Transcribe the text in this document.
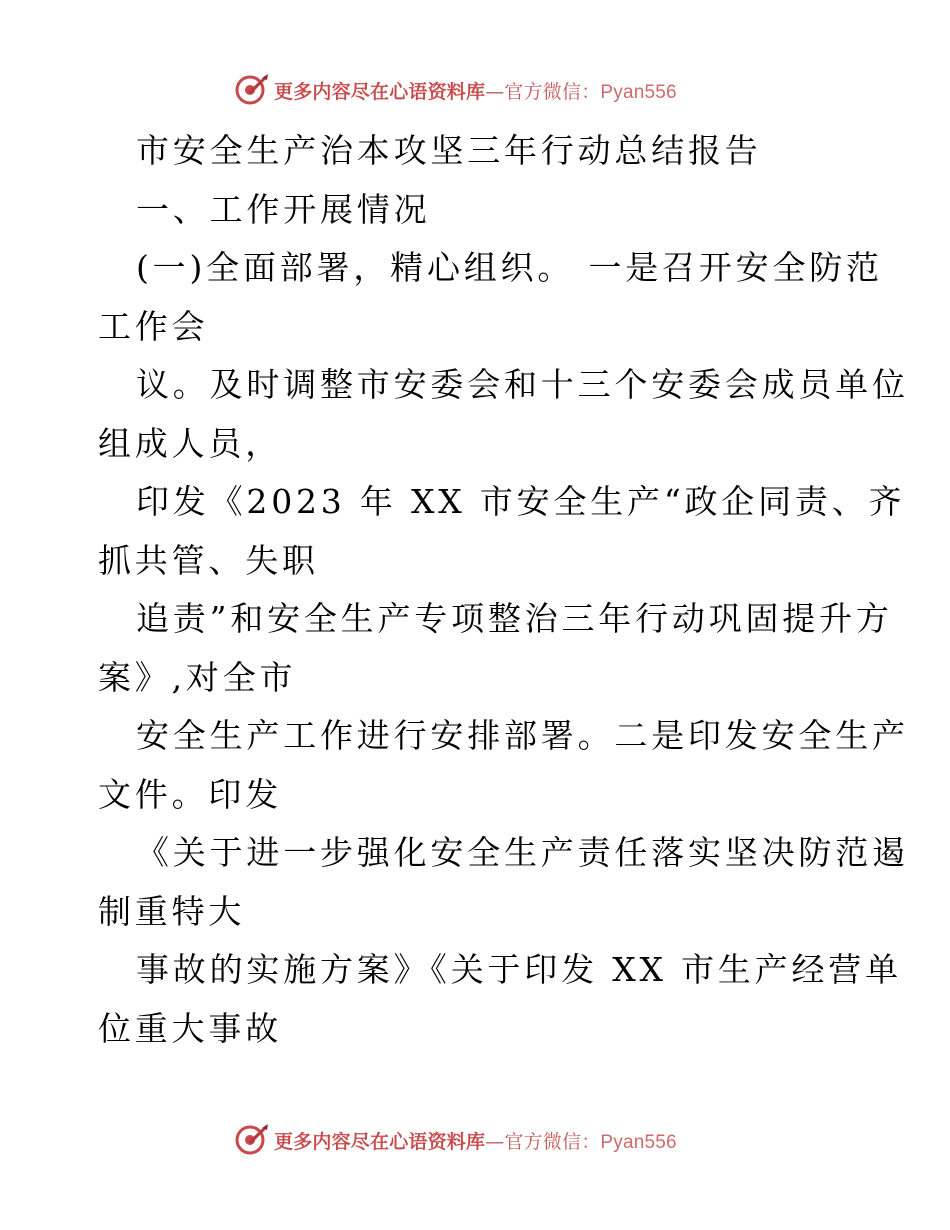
更多内容尽在心语资料库—官方微信：Pyan556
市安全生产治本攻坚三年行动总结报告
一、工作开展情况
(一)全面部署，精心组织。 一是召开安全防范
工作会
议。及时调整市安委会和十三个安委会成员单位
组成人员，
印发《2023 年 XX 市安全生产“政企同责、齐
抓共管、失职
追责”和安全生产专项整治三年行动巩固提升方
案》,对全市
安全生产工作进行安排部署。二是印发安全生产
文件。印发
《关于进一步强化安全生产责任落实坚决防范遏
制重特大
事故的实施方案》《关于印发 XX 市生产经营单
位重大事故
更多内容尽在心语资料库—官方微信：Pyan556
